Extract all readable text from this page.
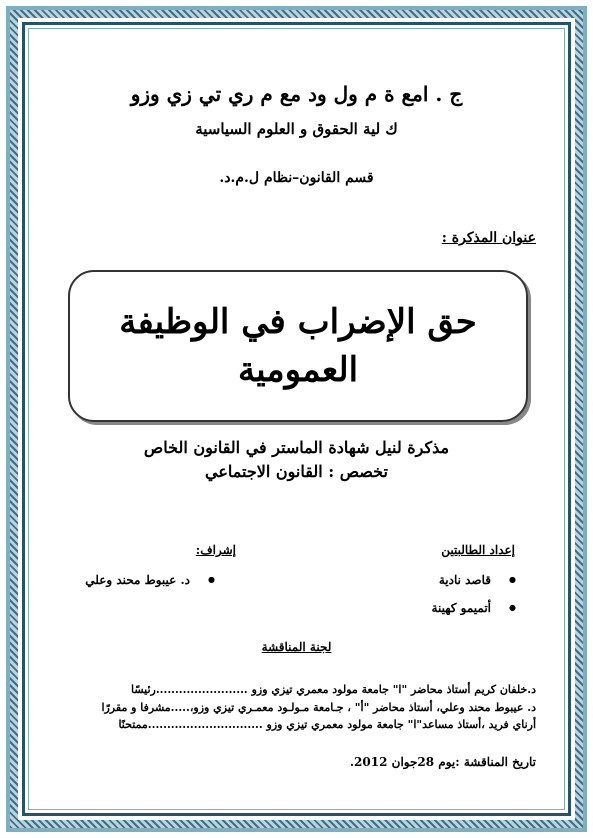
ج . امع ة م ول ود مع م ري تي زي وزو
ك لية الحقوق و العلوم السياسية
قسم القانون–نظام ل.م.د.
عنوان المذكرة :
حق الإضراب في الوظيفة
العمومية
مذكرة لنيل شهادة الماستر في القانون الخاص
تخصص : القانون الاجتماعي
إعداد الطالبتين
إشراف:
● قاصد نادية
● أتميمو كهينة
● د. عيبوط محند وعلي
لجنة المناقشة
د.خلفان كريم أستاذ محاضر "ا" جامعة مولود معمري تيزي وزو ........................رئيسًا
د. عيبوط محند وعلي، أستاذ محاضر "أ" ، جـامعة مـولـود معمـري تيزي وزو،.....مشرفا و مقررًا
أرناي فريد ،أستاذ مساعد"ا" جامعة مولود معمري تيزي وزو ..............................ممتحنًا
تاريخ المناقشة :يوم 28جوان 2012.
